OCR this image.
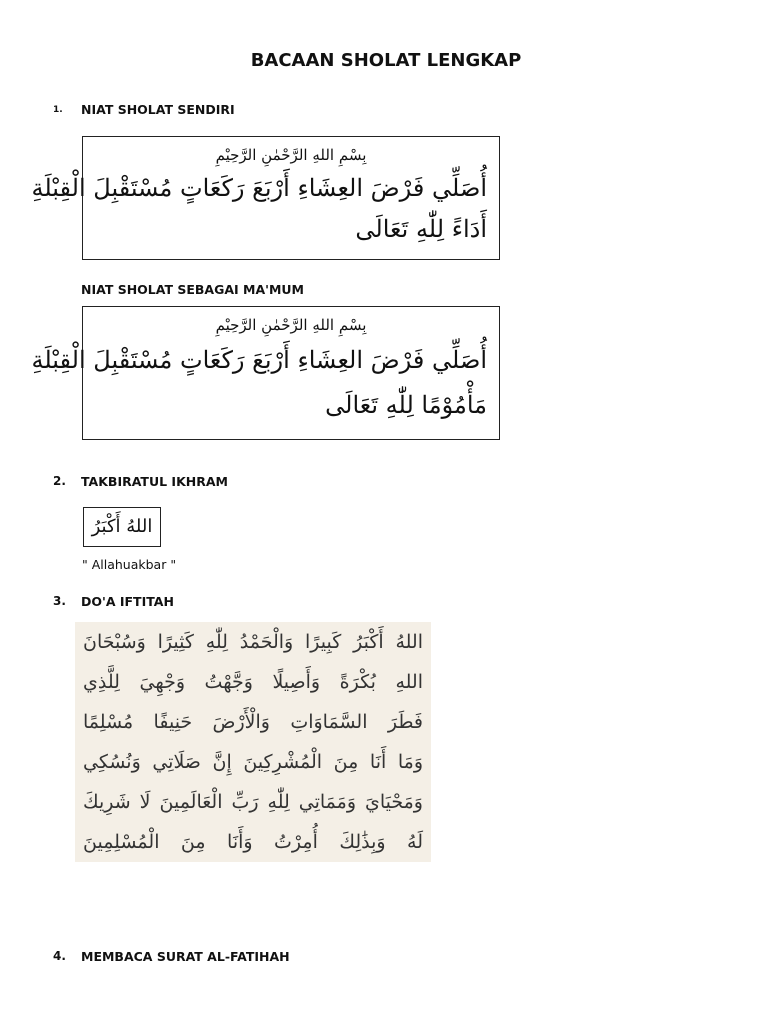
BACAAN SHOLAT LENGKAP
1. NIAT SHOLAT SENDIRI
بِسْمِ اللهِ الرَّحْمٰنِ الرَّحِيْمِ
أُصَلِّي فَرْضَ العِشَاءِ أَرْبَعَ رَكَعَاتٍ مُسْتَقْبِلَ الْقِبْلَةِ
أَدَاءً لِلّٰهِ تَعَالَى
NIAT SHOLAT SEBAGAI MA'MUM
بِسْمِ اللهِ الرَّحْمٰنِ الرَّحِيْمِ
أُصَلِّي فَرْضَ العِشَاءِ أَرْبَعَ رَكَعَاتٍ مُسْتَقْبِلَ الْقِبْلَةِ
مَأْمُوْمًا لِلّٰهِ تَعَالَى
2. TAKBIRATUL IKHRAM
اللهُ أَكْبَرُ
" Allahuakbar "
3. DO'A IFTITAH
اللهُ أَكْبَرُ كَبِيرًا وَالْحَمْدُ لِلّٰهِ كَثِيرًا وَسُبْحَانَ
اللهِ بُكْرَةً وَأَصِيلًا وَجَّهْتُ وَجْهِيَ لِلَّذِي
فَطَرَ السَّمَاوَاتِ وَالْأَرْضَ حَنِيفًا مُسْلِمًا
وَمَا أَنَا مِنَ الْمُشْرِكِينَ إِنَّ صَلَاتِي وَنُسُكِي
وَمَحْيَايَ وَمَمَاتِي لِلّٰهِ رَبِّ الْعَالَمِينَ لَا شَرِيكَ
لَهُ وَبِذَٰلِكَ أُمِرْتُ وَأَنَا مِنَ الْمُسْلِمِينَ
4. MEMBACA SURAT AL-FATIHAH
